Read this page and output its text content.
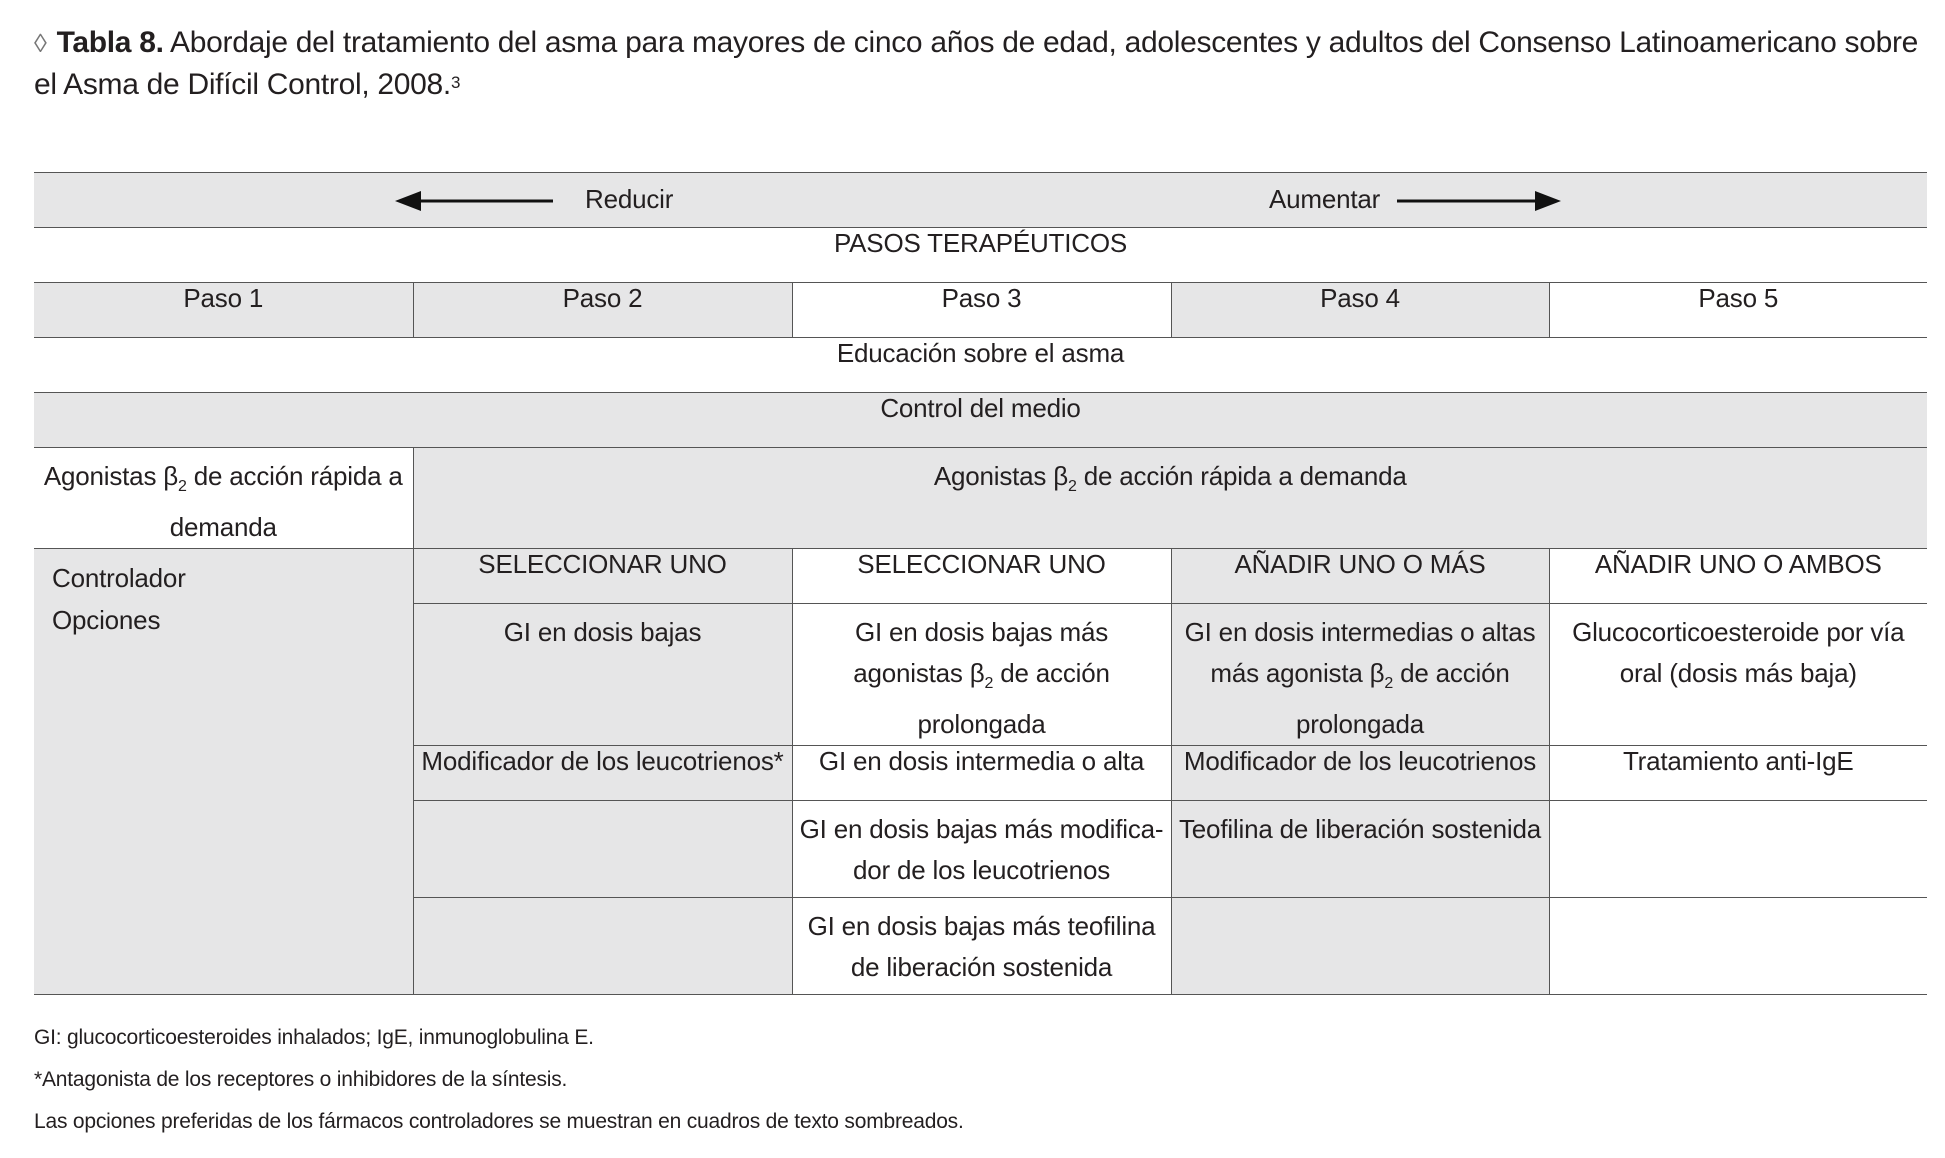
◊ Tabla 8. Abordaje del tratamiento del asma para mayores de cinco años de edad, adolescentes y adultos del Consenso Latinoamericano sobre el Asma de Difícil Control, 2008.$^3$
Reducir Aumentar				

PASOS TERAPÉUTICOS				
Paso 1	Paso 2	Paso 3	Paso 4	Paso 5
Educación sobre el asma				
Control del medio				
Agonistas $\beta_2$ de acción rápida a demanda	Agonistas $\beta_2$ de acción rápida a demanda			

Controlador
Opciones	SELECCIONAR UNO	SELECCIONAR UNO	AÑADIR UNO O MÁS	AÑADIR UNO O AMBOS
	GI en dosis bajas	GI en dosis bajas más agonistas $\beta_2$ de acción prolongada	GI en dosis intermedias o altas más agonista $\beta_2$ de acción prolongada	Glucocorticoesteroide por vía oral (dosis más baja)
	Modificador de los leucotrienos*	GI en dosis intermedia o alta	Modificador de los leucotrienos	Tratamiento anti-IgE
		GI en dosis bajas más modifica-dor de los leucotrienos	Teofilina de liberación sostenida	
		GI en dosis bajas más teofilina de liberación sostenida		
GI: glucocorticoesteroides inhalados; IgE, inmunoglobulina E.
*Antagonista de los receptores o inhibidores de la síntesis.
Las opciones preferidas de los fármacos controladores se muestran en cuadros de texto sombreados.
